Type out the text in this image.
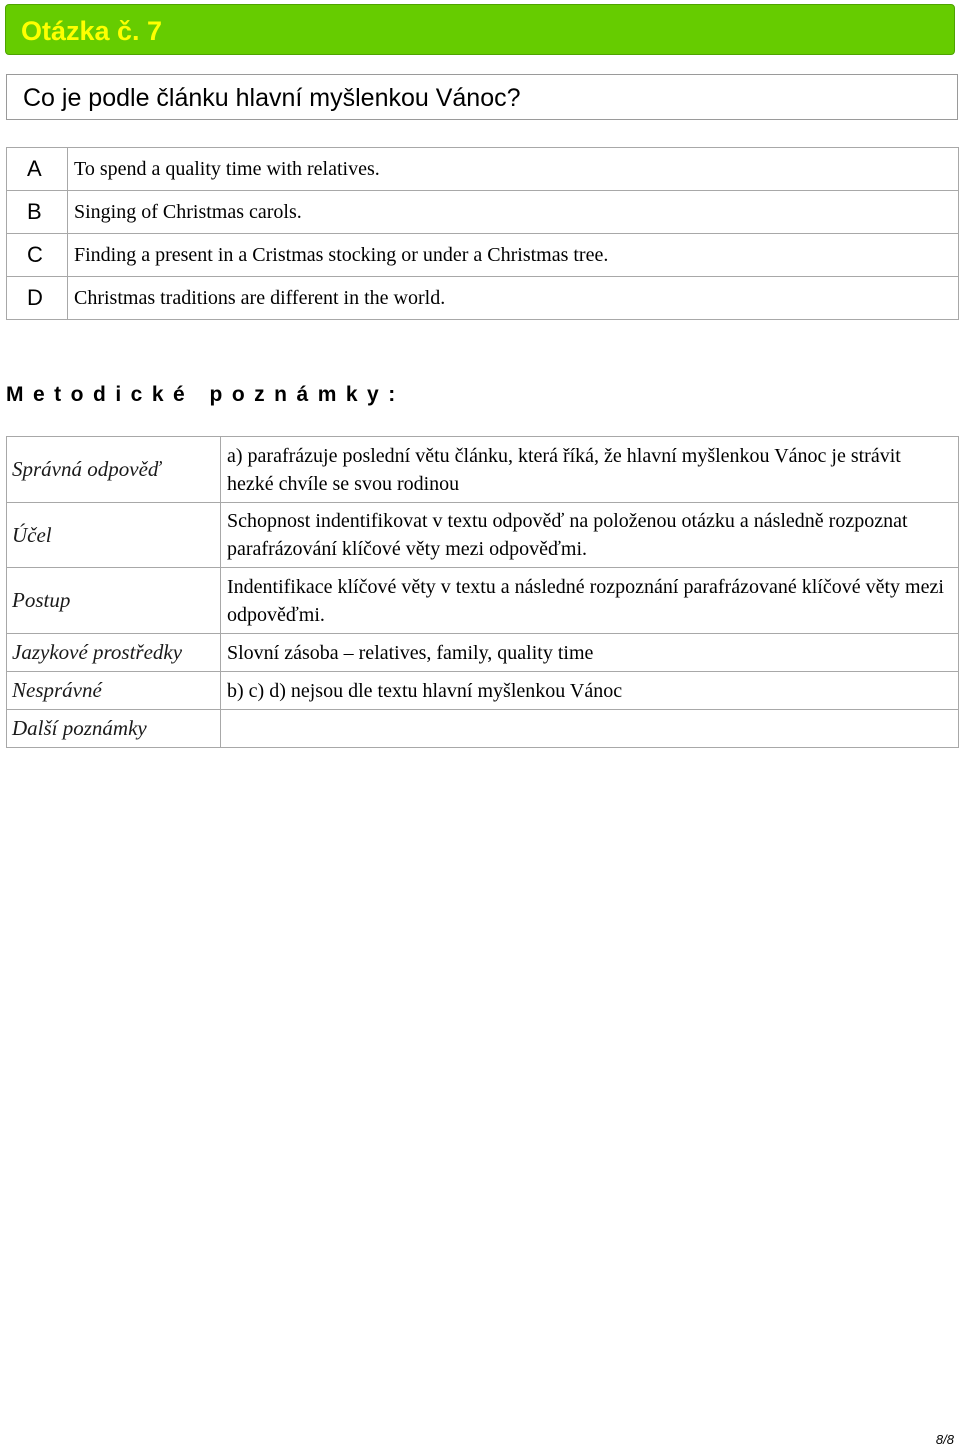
Otázka č. 7
Co je podle článku hlavní myšlenkou Vánoc?
A	To spend a quality time with relatives.
B	Singing of Christmas carols.
C	Finding a present in a Cristmas stocking or under a Christmas tree.
D	Christmas traditions are different in the world.
Metodické poznámky:
Správná odpověď	a) parafrázuje poslední větu článku, která říká, že hlavní myšlenkou Vánoc je strávit hezké chvíle se svou rodinou
Účel	Schopnost indentifikovat v textu odpověď na položenou otázku a následně rozpoznat parafrázování klíčové věty mezi odpověďmi.
Postup	Indentifikace klíčové věty v textu a následné rozpoznání parafrázované klíčové věty mezi odpověďmi.
Jazykové prostředky	Slovní zásoba – relatives, family, quality time
Nesprávné	b) c) d) nejsou dle textu hlavní myšlenkou Vánoc
Další poznámky	
8/8
